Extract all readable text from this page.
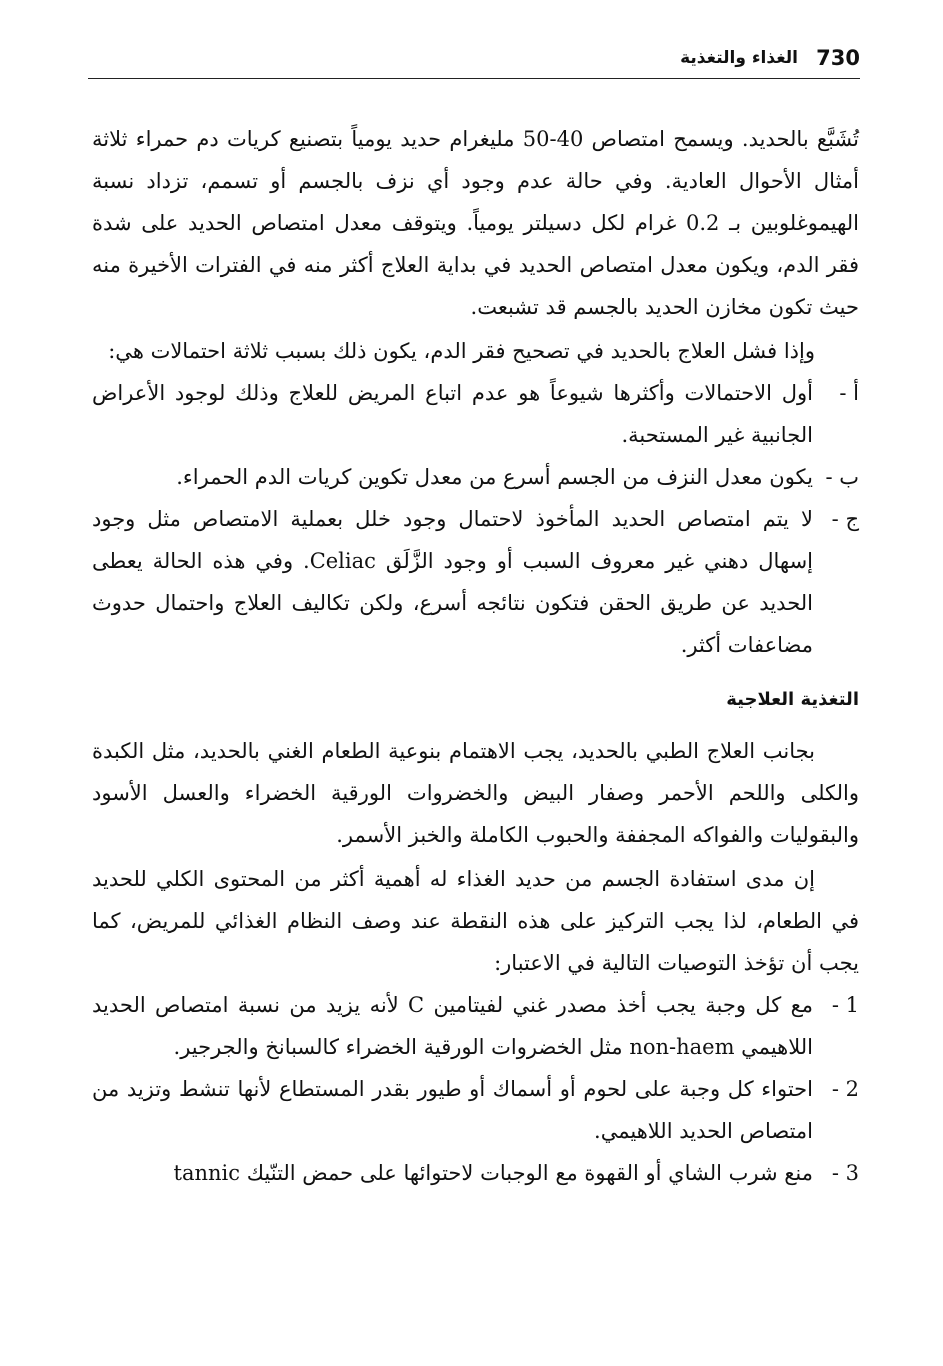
730
الغذاء والتغذية

تُشَبَّع بالحديد. ويسمح امتصاص 40-50 مليغرام حديد يومياً بتصنيع كريات دم حمراء ثلاثة أمثال الأحوال العادية. وفي حالة عدم وجود أي نزف بالجسم أو تسمم، تزداد نسبة الهيموغلوبين بـ 0.2 غرام لكل دسيلتر يومياً. ويتوقف معدل امتصاص الحديد على شدة فقر الدم، ويكون معدل امتصاص الحديد في بداية العلاج أكثر منه في الفترات الأخيرة منه حيث تكون مخازن الحديد بالجسم قد تشبعت.

وإذا فشل العلاج بالحديد في تصحيح فقر الدم، يكون ذلك بسبب ثلاثة احتمالات هي:

أ -
أول الاحتمالات وأكثرها شيوعاً هو عدم اتباع المريض للعلاج وذلك لوجود الأعراض الجانبية غير المستحبة.
ب -
يكون معدل النزف من الجسم أسرع من معدل تكوين كريات الدم الحمراء.
ج -
لا يتم امتصاص الحديد المأخوذ لاحتمال وجود خلل بعملية الامتصاص مثل وجود إسهال دهني غير معروف السبب أو وجود الزَّلَق Celiac. وفي هذه الحالة يعطى الحديد عن طريق الحقن فتكون نتائجه أسرع، ولكن تكاليف العلاج واحتمال حدوث مضاعفات أكثر.

التغذية العلاجية

بجانب العلاج الطبي بالحديد، يجب الاهتمام بنوعية الطعام الغني بالحديد، مثل الكبدة والكلى واللحم الأحمر وصفار البيض والخضروات الورقية الخضراء والعسل الأسود والبقوليات والفواكه المجففة والحبوب الكاملة والخبز الأسمر.

إن مدى استفادة الجسم من حديد الغذاء له أهمية أكثر من المحتوى الكلي للحديد في الطعام، لذا يجب التركيز على هذه النقطة عند وصف النظام الغذائي للمريض، كما يجب أن تؤخذ التوصيات التالية في الاعتبار:

1 -
مع كل وجبة يجب أخذ مصدر غني لفيتامين C لأنه يزيد من نسبة امتصاص الحديد اللاهيمي non-haem مثل الخضروات الورقية الخضراء كالسبانخ والجرجير.
2 -
احتواء كل وجبة على لحوم أو أسماك أو طيور بقدر المستطاع لأنها تنشط وتزيد من امتصاص الحديد اللاهيمي.
3 -
منع شرب الشاي أو القهوة مع الوجبات لاحتوائها على حمض التنّيك tannic
